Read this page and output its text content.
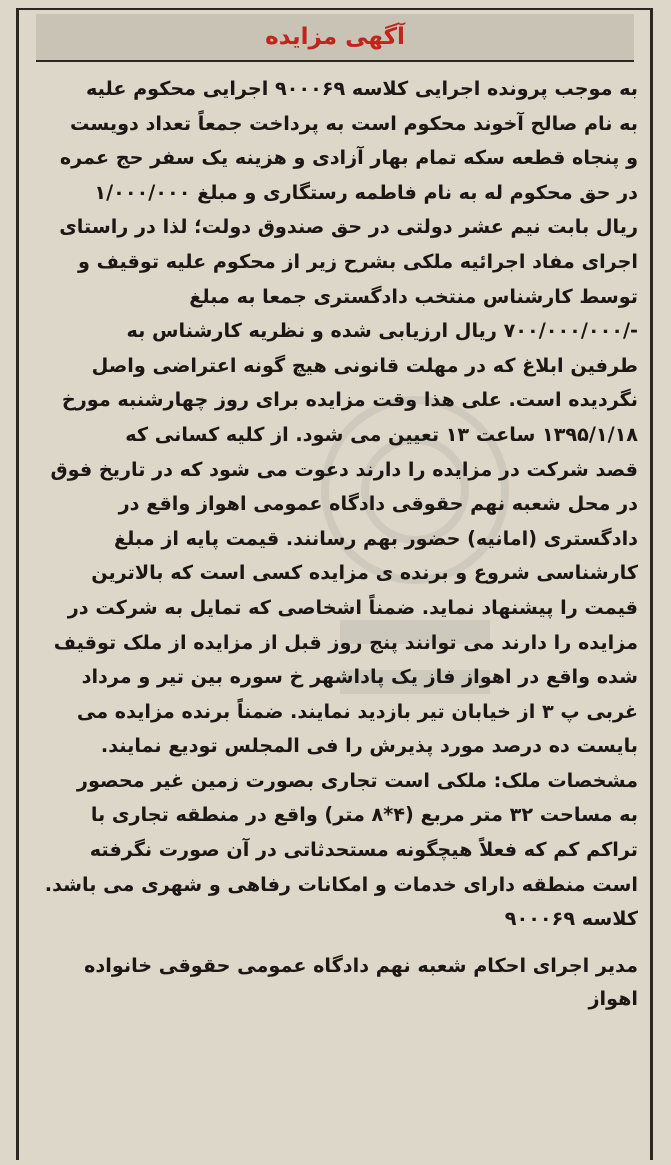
آگهی مزایده
به موجب پرونده اجرایی کلاسه ۹۰۰۰۶۹ اجرایی محکوم علیه
به نام صالح آخوند محکوم است به پرداخت جمعاً تعداد دویست
و پنجاه قطعه سکه تمام بهار آزادی و هزینه یک سفر حج عمره
در حق محکوم له به نام فاطمه رستگاری و مبلغ ۱/۰۰۰/۰۰۰
ریال بابت نیم عشر دولتی در حق صندوق دولت؛ لذا در راستای
اجرای مفاد اجرائیه ملکی بشرح زیر از محکوم علیه توقیف و
توسط کارشناس منتخب دادگستری جمعا به مبلغ
-/۷۰۰/۰۰۰/۰۰۰ ریال ارزیابی شده و نظریه کارشناس به
طرفین ابلاغ که در مهلت قانونی هیچ گونه اعتراضی واصل
نگردیده است. علی هذا وقت مزایده برای روز چهارشنبه مورخ
۱۳۹۵/۱/۱۸ ساعت ۱۳ تعیین می شود. از کلیه کسانی که
قصد شرکت در مزایده را دارند دعوت می شود که در تاریخ فوق
در محل شعبه نهم حقوقی دادگاه عمومی اهواز واقع در
دادگستری (امانیه) حضور بهم رسانند. قیمت پایه از مبلغ
کارشناسی شروع و برنده ی مزایده کسی است که بالاترین
قیمت را پیشنهاد نماید. ضمناً اشخاصی که تمایل به شرکت در
مزایده را دارند می توانند پنج روز قبل از مزایده از ملک توقیف
شده واقع در اهواز فاز یک پاداشهر خ سوره بین تیر و مرداد
غربی پ ۳ از خیابان تیر بازدید نمایند. ضمناً برنده مزایده می
بایست ده درصد مورد پذیرش را فی المجلس تودیع نمایند.
مشخصات ملک: ملکی است تجاری بصورت زمین غیر محصور
به مساحت ۳۲ متر مربع (۴*۸ متر) واقع در منطقه تجاری با
تراکم کم که فعلاً هیچگونه مستحدثاتی در آن صورت نگرفته
است منطقه دارای خدمات و امکانات رفاهی و شهری می باشد.
کلاسه ۹۰۰۰۶۹
مدیر اجرای احکام شعبه نهم دادگاه عمومی حقوقی خانواده
اهواز
